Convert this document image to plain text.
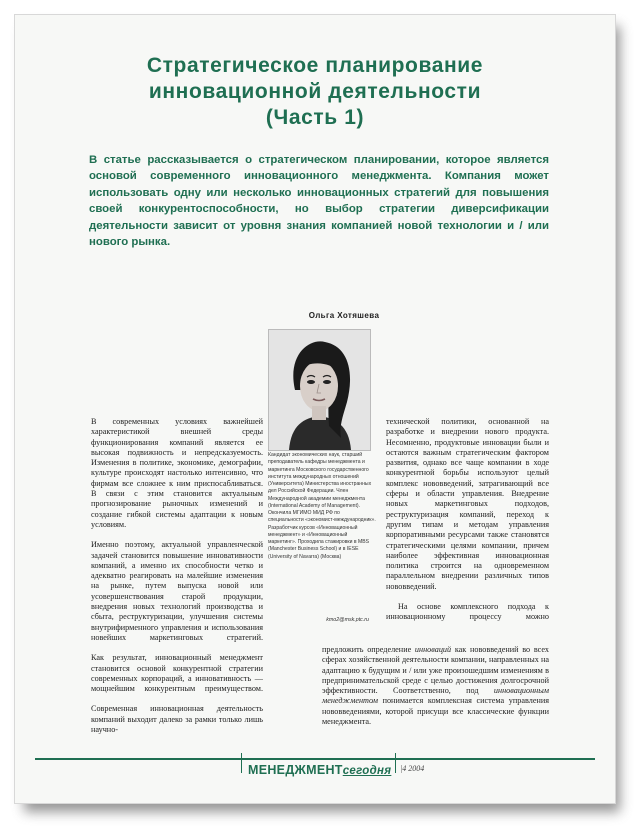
Стратегическое планирование
инновационной деятельности
(Часть 1)
В статье рассказывается о стратегическом планировании, которое является основой современного инновационного менеджмента. Компания может использовать одну или несколько инновационных стратегий для повышения своей конкурентоспособности, но выбор стратегии диверсификации деятельности зависит от уровня знания компанией новой технологии и / или нового рынка.
Ольга Хотяшева
Кандидат экономических наук, старший преподаватель кафедры менеджмента и маркетинга Московского государственного института международных отношений (Университета) Министерства иностранных дел Российской Федерации. Член Международной академии менеджмента (International Academy of Management). Окончила МГИМО МИД РФ по специальности «экономист-международник». Разработчик курсов «Инновационный менеджмент» и «Инновационный маркетинг». Проходила стажировки в MBS (Manchester Business School) и в IESE (University of Navarra) (Москва)
kmo2@msk.ptc.ru

В современных условиях важнейшей характеристикой внешней среды функционирования компаний является ее высокая подвижность и непредсказуемость. Изменения в политике, экономике, демографии, культуре происходят настолько интенсивно, что фирмам все сложнее к ним приспосабливаться. В связи с этим становится актуальным прогнозирование рыночных изменений и создание гибкой системы адаптации к новым условиям.

Именно поэтому, актуальной управленческой задачей становится повышение инновативности компаний, а именно их способности четко и адекватно реагировать на малейшие изменения на рынке, путем выпуска новой или усовершенствования старой продукции, внедрения новых технологий производства и сбыта, реструктуризации, улучшения системы внутрифирменного управления и использования новейших маркетинговых стратегий.

Как результат, инновационный менеджмент становится основой конкурентной стратегии современных корпораций, а инновативность — мощнейшим конкурентным преимуществом.

Современная инновационная деятельность компаний выходит далеко за рамки только лишь научно-

технической политики, основанной на разработке и внедрении нового продукта. Несомненно, продуктовые инновации были и остаются важным стратегическим фактором развития, однако все чаще компании в ходе конкурентной борьбы используют целый комплекс нововведений, затрагивающий все сферы и области управления. Внедрение новых маркетинговых подходов, реструктуризация компаний, переход к другим типам и методам управления корпоративными ресурсами также становятся стратегическими целями компании, причем наиболее эффективная инновационная политика строится на одновременном параллельном внедрении различных типов нововведений.

На основе комплексного подхода к инновационному процессу можно

предложить определение инноваций как нововведений во всех сферах хозяйственной деятельности компании, направленных на адаптацию к будущим и / или уже произошедшим изменениям в предпринимательской среде с целью достижения долгосрочной эффективности. Соответственно, под инновационным менеджментом понимается комплексная система управления нововведениями, которой присущи все классические функции менеджмента.

МЕНЕДЖМЕНТсегодня |4 2004
